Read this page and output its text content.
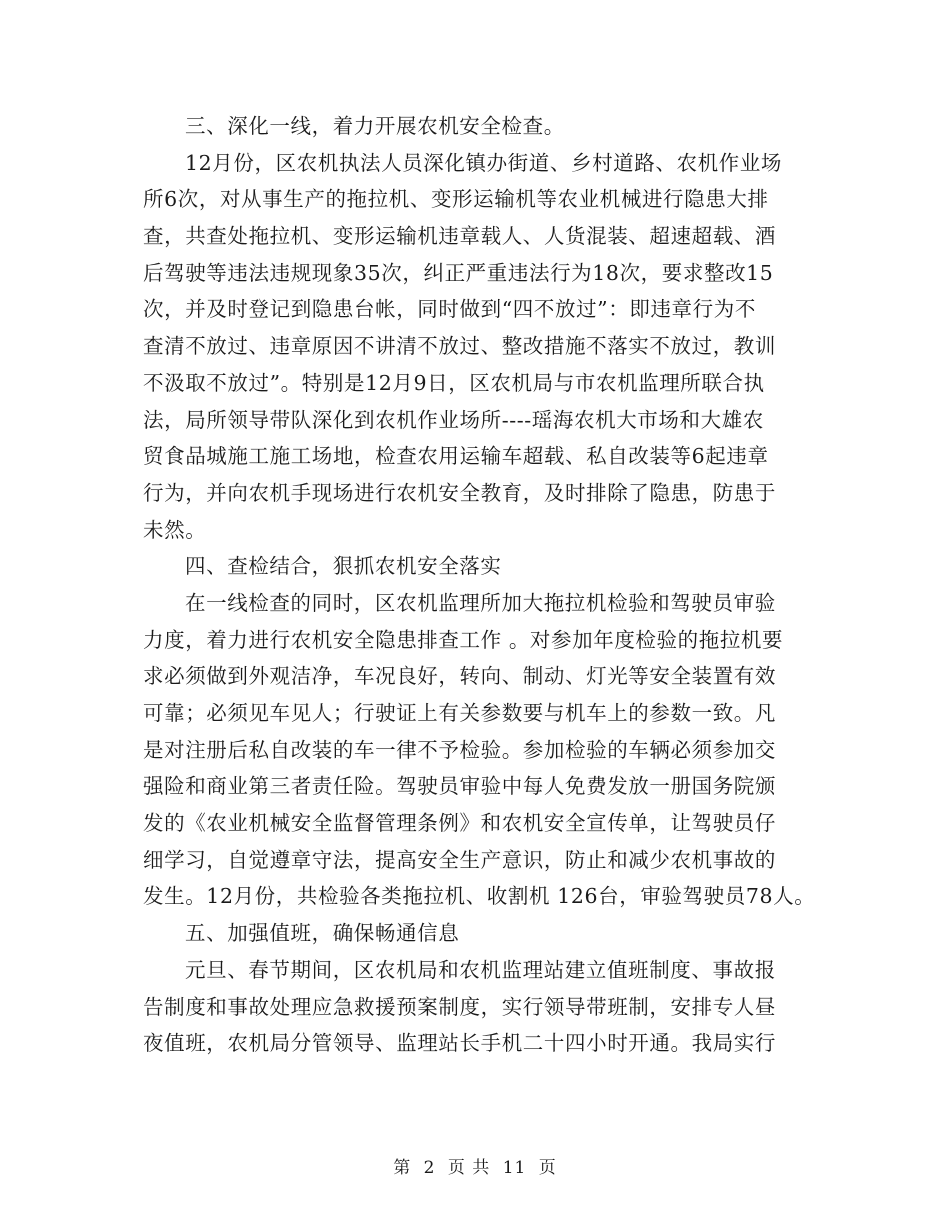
三、深化一线，着力开展农机安全检查。
12月份，区农机执法人员深化镇办街道、乡村道路、农机作业场
所6次，对从事生产的拖拉机、变形运输机等农业机械进行隐患大排
查，共查处拖拉机、变形运输机违章载人、人货混装、超速超载、酒
后驾驶等违法违规现象35次，纠正严重违法行为18次，要求整改15
次，并及时登记到隐患台帐，同时做到“四不放过”：即违章行为不
查清不放过、违章原因不讲清不放过、整改措施不落实不放过，教训
不汲取不放过”。特别是12月9日，区农机局与市农机监理所联合执
法，局所领导带队深化到农机作业场所----瑶海农机大市场和大雄农
贸食品城施工施工场地，检查农用运输车超载、私自改装等6起违章
行为，并向农机手现场进行农机安全教育，及时排除了隐患，防患于
未然。
四、查检结合，狠抓农机安全落实
在一线检查的同时，区农机监理所加大拖拉机检验和驾驶员审验
力度，着力进行农机安全隐患排查工作 。对参加年度检验的拖拉机要
求必须做到外观洁净，车况良好，转向、制动、灯光等安全装置有效
可靠；必须见车见人；行驶证上有关参数要与机车上的参数一致。凡
是对注册后私自改装的车一律不予检验。参加检验的车辆必须参加交
强险和商业第三者责任险。驾驶员审验中每人免费发放一册国务院颁
发的《农业机械安全监督管理条例》和农机安全宣传单，让驾驶员仔
细学习，自觉遵章守法，提高安全生产意识，防止和减少农机事故的
发生。12月份，共检验各类拖拉机、收割机 126台，审验驾驶员78人。
五、加强值班，确保畅通信息
元旦、春节期间，区农机局和农机监理站建立值班制度、事故报
告制度和事故处理应急救援预案制度，实行领导带班制，安排专人昼
夜值班，农机局分管领导、监理站长手机二十四小时开通。我局实行
第 2 页 共 11 页
